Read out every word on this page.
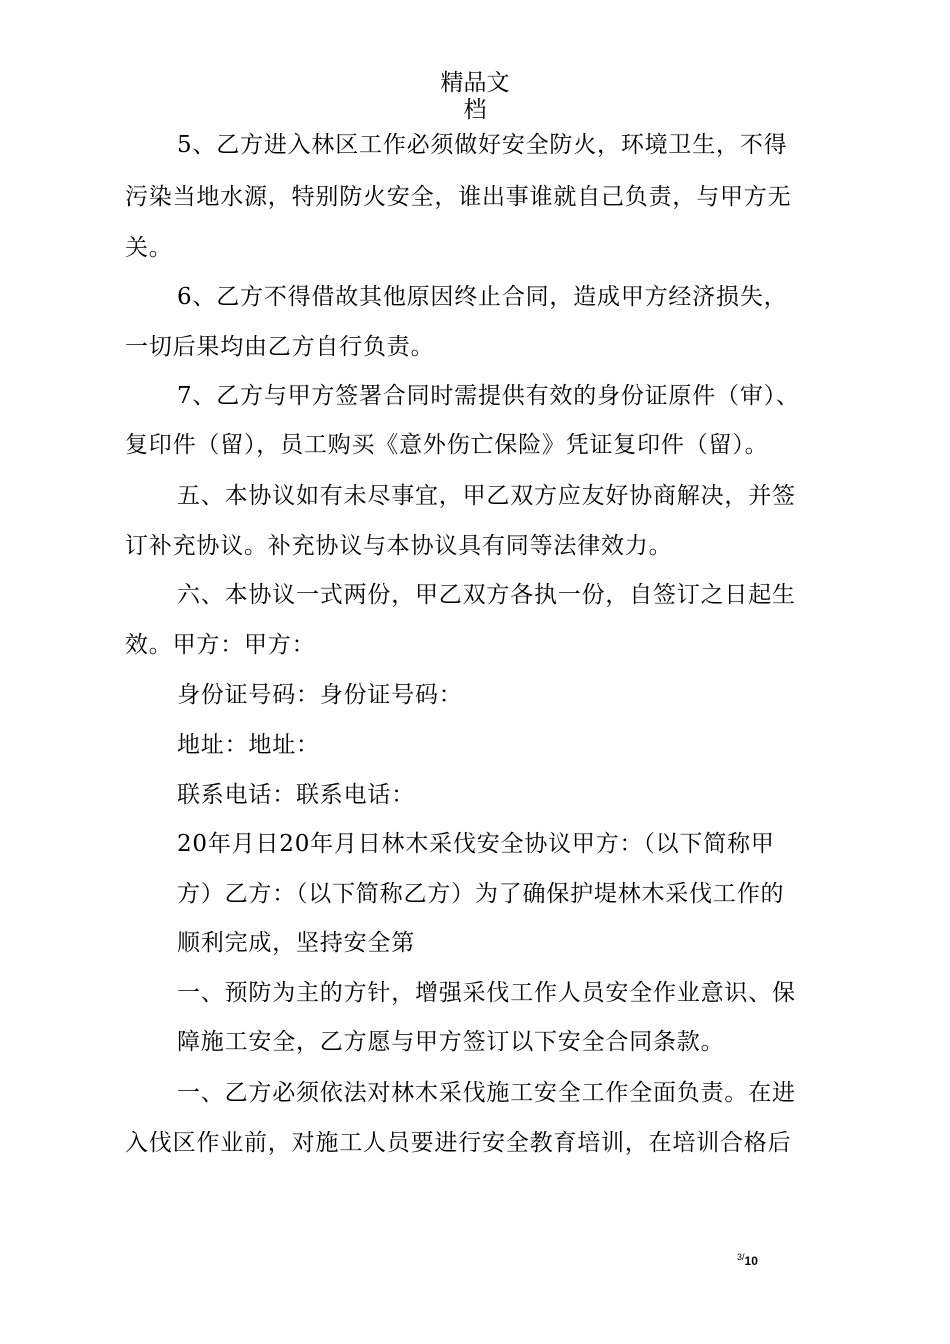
精品文
档
5、乙方进入林区工作必须做好安全防火，环境卫生，不得
污染当地水源，特别防火安全，谁出事谁就自己负责，与甲方无
关。
6、乙方不得借故其他原因终止合同，造成甲方经济损失，
一切后果均由乙方自行负责。
7、乙方与甲方签署合同时需提供有效的身份证原件（审）、
复印件（留），员工购买《意外伤亡保险》凭证复印件（留）。
五、本协议如有未尽事宜，甲乙双方应友好协商解决，并签
订补充协议。补充协议与本协议具有同等法律效力。
六、本协议一式两份，甲乙双方各执一份，自签订之日起生
效。甲方：甲方：
身份证号码：身份证号码：
地址：地址：
联系电话：联系电话：
20年月日20年月日林木采伐安全协议甲方：（以下简称甲
方）乙方：（以下简称乙方）为了确保护堤林木采伐工作的
顺利完成，坚持安全第
一、预防为主的方针，增强采伐工作人员安全作业意识、保
障施工安全，乙方愿与甲方签订以下安全合同条款。
一、乙方必须依法对林木采伐施工安全工作全面负责。在进
入伐区作业前，对施工人员要进行安全教育培训，在培训合格后
$^{3/}$10
